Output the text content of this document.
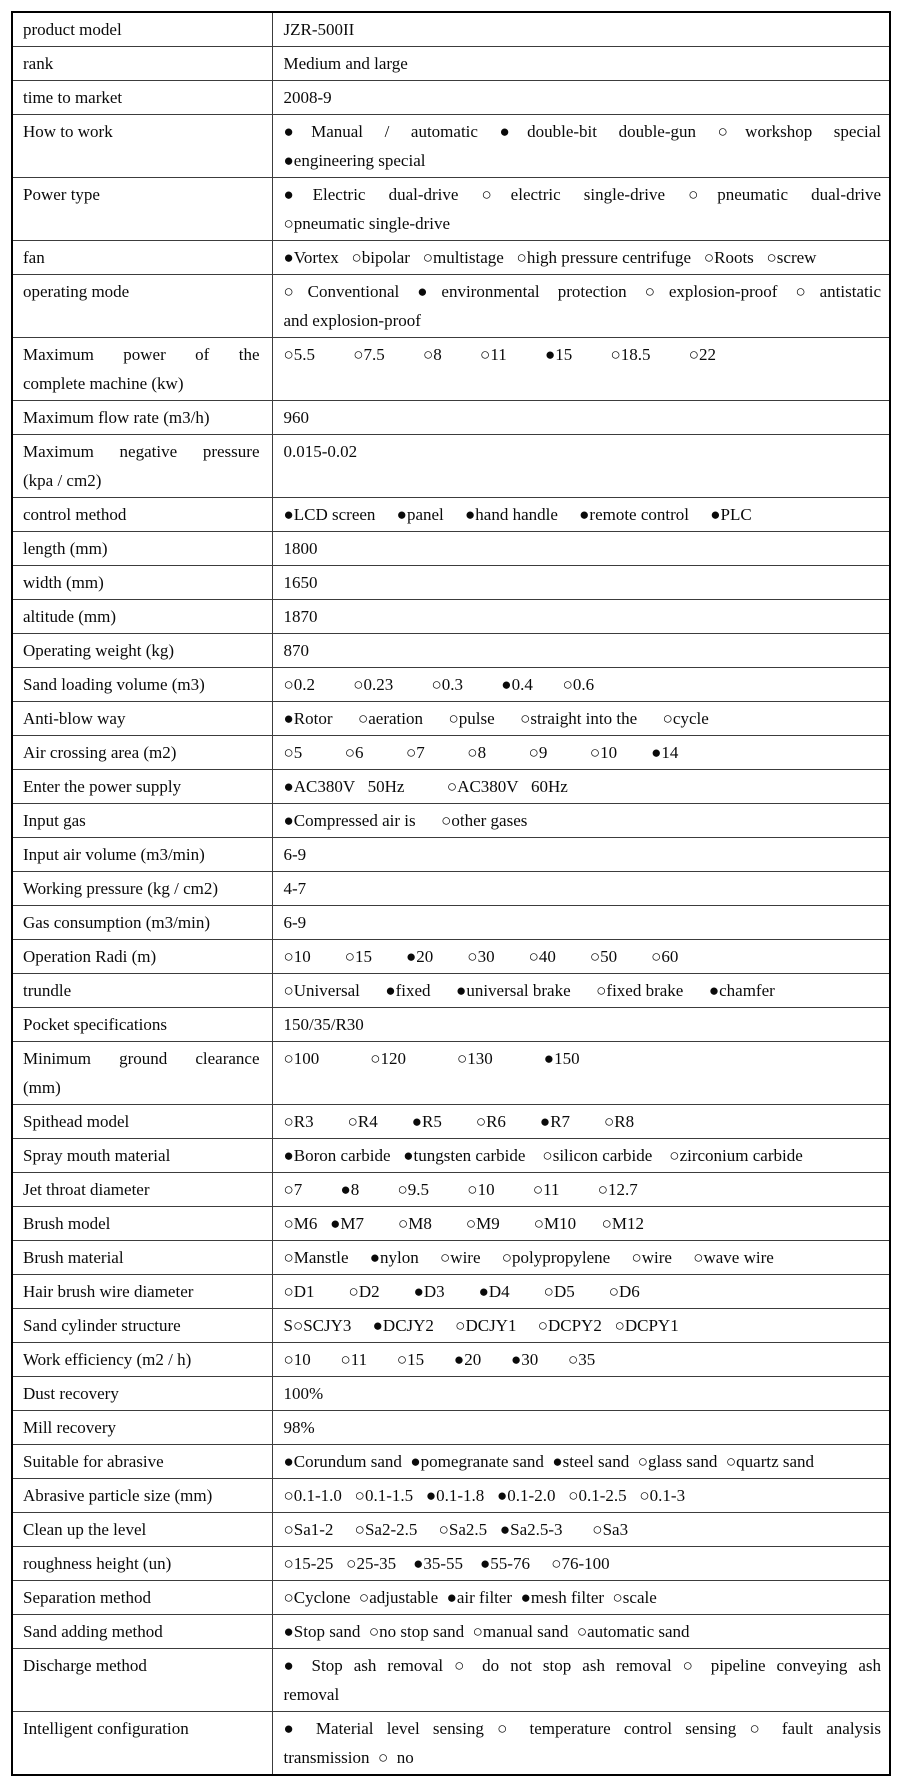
product model	JZR-500II

rank	Medium and large

time to market	2008-9

How to work	●Manual / automatic ●double-bit double-gun ○workshop special
●engineering special

Power type	●Electric dual-drive ○electric single-drive ○pneumatic dual-drive
○pneumatic single-drive

fan	●Vortex   ○bipolar   ○multistage   ○high pressure centrifuge   ○Roots   ○screw

operating mode	○Conventional ●environmental protection ○explosion-proof ○antistatic
and explosion-proof

Maximum power of the
complete machine (kw)	○5.5         ○7.5         ○8         ○11         ●15         ○18.5         ○22

Maximum flow rate (m3/h)	960

Maximum negative pressure
(kpa / cm2)	0.015-0.02

control method	●LCD screen     ●panel     ●hand handle     ●remote control     ●PLC

length (mm)	1800

width (mm)	1650

altitude (mm)	1870

Operating weight (kg)	870

Sand loading volume (m3)	○0.2         ○0.23         ○0.3         ●0.4       ○0.6

Anti-blow way	●Rotor      ○aeration      ○pulse      ○straight into the      ○cycle

Air crossing area (m2)	○5          ○6          ○7          ○8          ○9          ○10        ●14

Enter the power supply	●AC380V   50Hz          ○AC380V   60Hz

Input gas	●Compressed air is      ○other gases

Input air volume (m3/min)	6-9

Working pressure (kg / cm2)	4-7

Gas consumption (m3/min)	6-9

Operation Radi (m)	○10        ○15        ●20        ○30        ○40        ○50        ○60

trundle	○Universal      ●fixed      ●universal brake      ○fixed brake      ●chamfer

Pocket specifications	150/35/R30

Minimum ground clearance
(mm)	○100            ○120            ○130            ●150

Spithead model	○R3        ○R4        ●R5        ○R6        ●R7        ○R8

Spray mouth material	●Boron carbide   ●tungsten carbide    ○silicon carbide    ○zirconium carbide

Jet throat diameter	○7         ●8         ○9.5         ○10         ○11         ○12.7

Brush model	○M6   ●M7        ○M8        ○M9        ○M10      ○M12

Brush material	○Manstle     ●nylon     ○wire     ○polypropylene     ○wire     ○wave wire

Hair brush wire diameter	○D1        ○D2        ●D3        ●D4        ○D5        ○D6

Sand cylinder structure	S○SCJY3     ●DCJY2     ○DCJY1     ○DCPY2   ○DCPY1

Work efficiency (m2 / h)	○10       ○11       ○15       ●20       ●30       ○35

Dust recovery	100%

Mill recovery	98%

Suitable for abrasive	●Corundum sand  ●pomegranate sand  ●steel sand  ○glass sand  ○quartz sand

Abrasive particle size (mm)	○0.1-1.0   ○0.1-1.5   ●0.1-1.8   ●0.1-2.0   ○0.1-2.5   ○0.1-3

Clean up the level	○Sa1-2     ○Sa2-2.5     ○Sa2.5   ●Sa2.5-3       ○Sa3

roughness height (un)	○15-25   ○25-35    ●35-55    ●55-76     ○76-100

Separation method	○Cyclone  ○adjustable  ●air filter  ●mesh filter  ○scale

Sand adding method	●Stop sand  ○no stop sand  ○manual sand  ○automatic sand

Discharge method	● Stop ash removal ○ do not stop ash removal ○ pipeline conveying ash
removal

Intelligent configuration	● Material level sensing ○ temperature control sensing ○ fault analysis
transmission  ○  no
